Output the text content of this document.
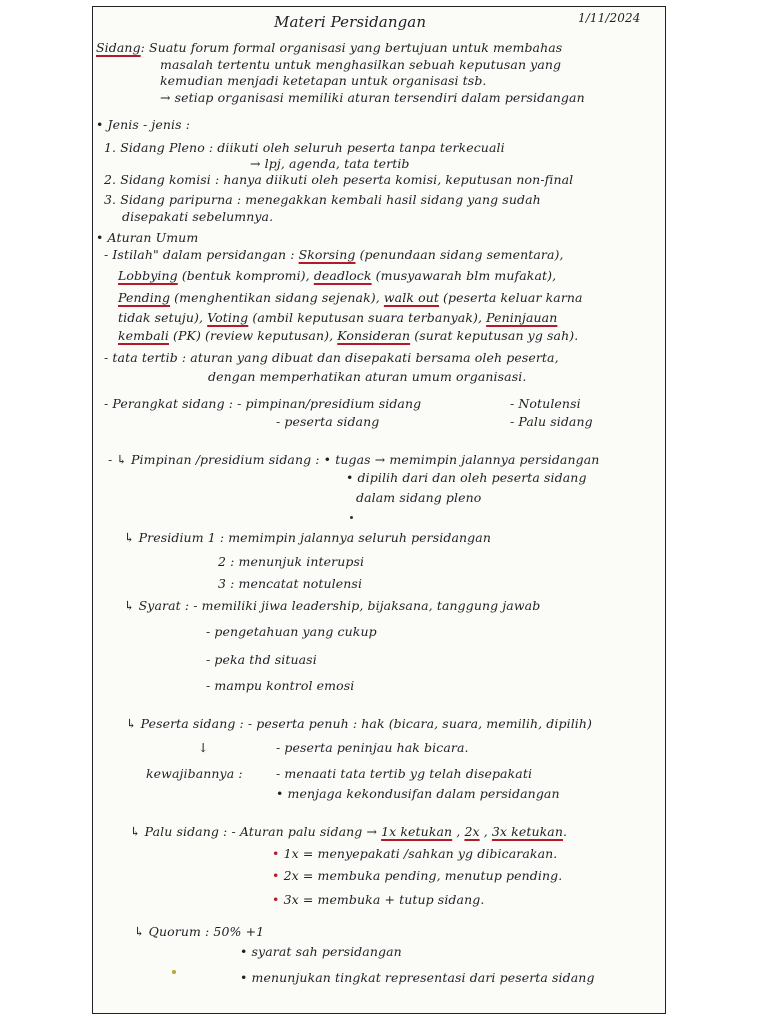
Materi Persidangan	1/11/2024
Sidang: Suatu forum formal organisasi yang bertujuan untuk membahas
masalah tertentu untuk menghasilkan sebuah keputusan yang
kemudian menjadi ketetapan untuk organisasi tsb.
→ setiap organisasi memiliki aturan tersendiri dalam persidangan
• Jenis - jenis :
1. Sidang Pleno : diikuti oleh seluruh peserta tanpa terkecuali
→ lpj, agenda, tata tertib
2. Sidang komisi : hanya diikuti oleh peserta komisi, keputusan non-final
3. Sidang paripurna : menegakkan kembali hasil sidang yang sudah
disepakati sebelumnya.
• Aturan Umum
- Istilah" dalam persidangan : Skorsing (penundaan sidang sementara),
Lobbying (bentuk kompromi), deadlock (musyawarah blm mufakat),
Pending (menghentikan sidang sejenak), walk out (peserta keluar karna
tidak setuju), Voting (ambil keputusan suara terbanyak), Peninjauan
kembali (PK) (review keputusan), Konsideran (surat keputusan yg sah).
- tata tertib : aturan yang dibuat dan disepakati bersama oleh peserta,
dengan memperhatikan aturan umum organisasi.
- Perangkat sidang : - pimpinan/presidium sidang	- Notulensi
- peserta sidang	- Palu sidang
- ↳ Pimpinan /presidium sidang : • tugas → memimpin jalannya persidangan
• dipilih dari dan oleh peserta sidang
dalam sidang pleno
↳ Presidium 1 : memimpin jalannya seluruh persidangan
2 : menunjuk interupsi
3 : mencatat notulensi
↳ Syarat : - memiliki jiwa leadership, bijaksana, tanggung jawab
- pengetahuan yang cukup
- peka thd situasi
- mampu kontrol emosi
↳ Peserta sidang : - peserta penuh : hak (bicara, suara, memilih, dipilih)
↓	- peserta peninjau hak bicara.
kewajibannya :	- menaati tata tertib yg telah disepakati
• menjaga kekondusifan dalam persidangan
↳ Palu sidang : - Aturan palu sidang → 1x ketukan , 2x , 3x ketukan.
• 1x = menyepakati /sahkan yg dibicarakan.
• 2x = membuka pending, menutup pending.
• 3x = membuka + tutup sidang.
↳ Quorum : 50% +1
• syarat sah persidangan
• menunjukan tingkat representasi dari peserta sidang
